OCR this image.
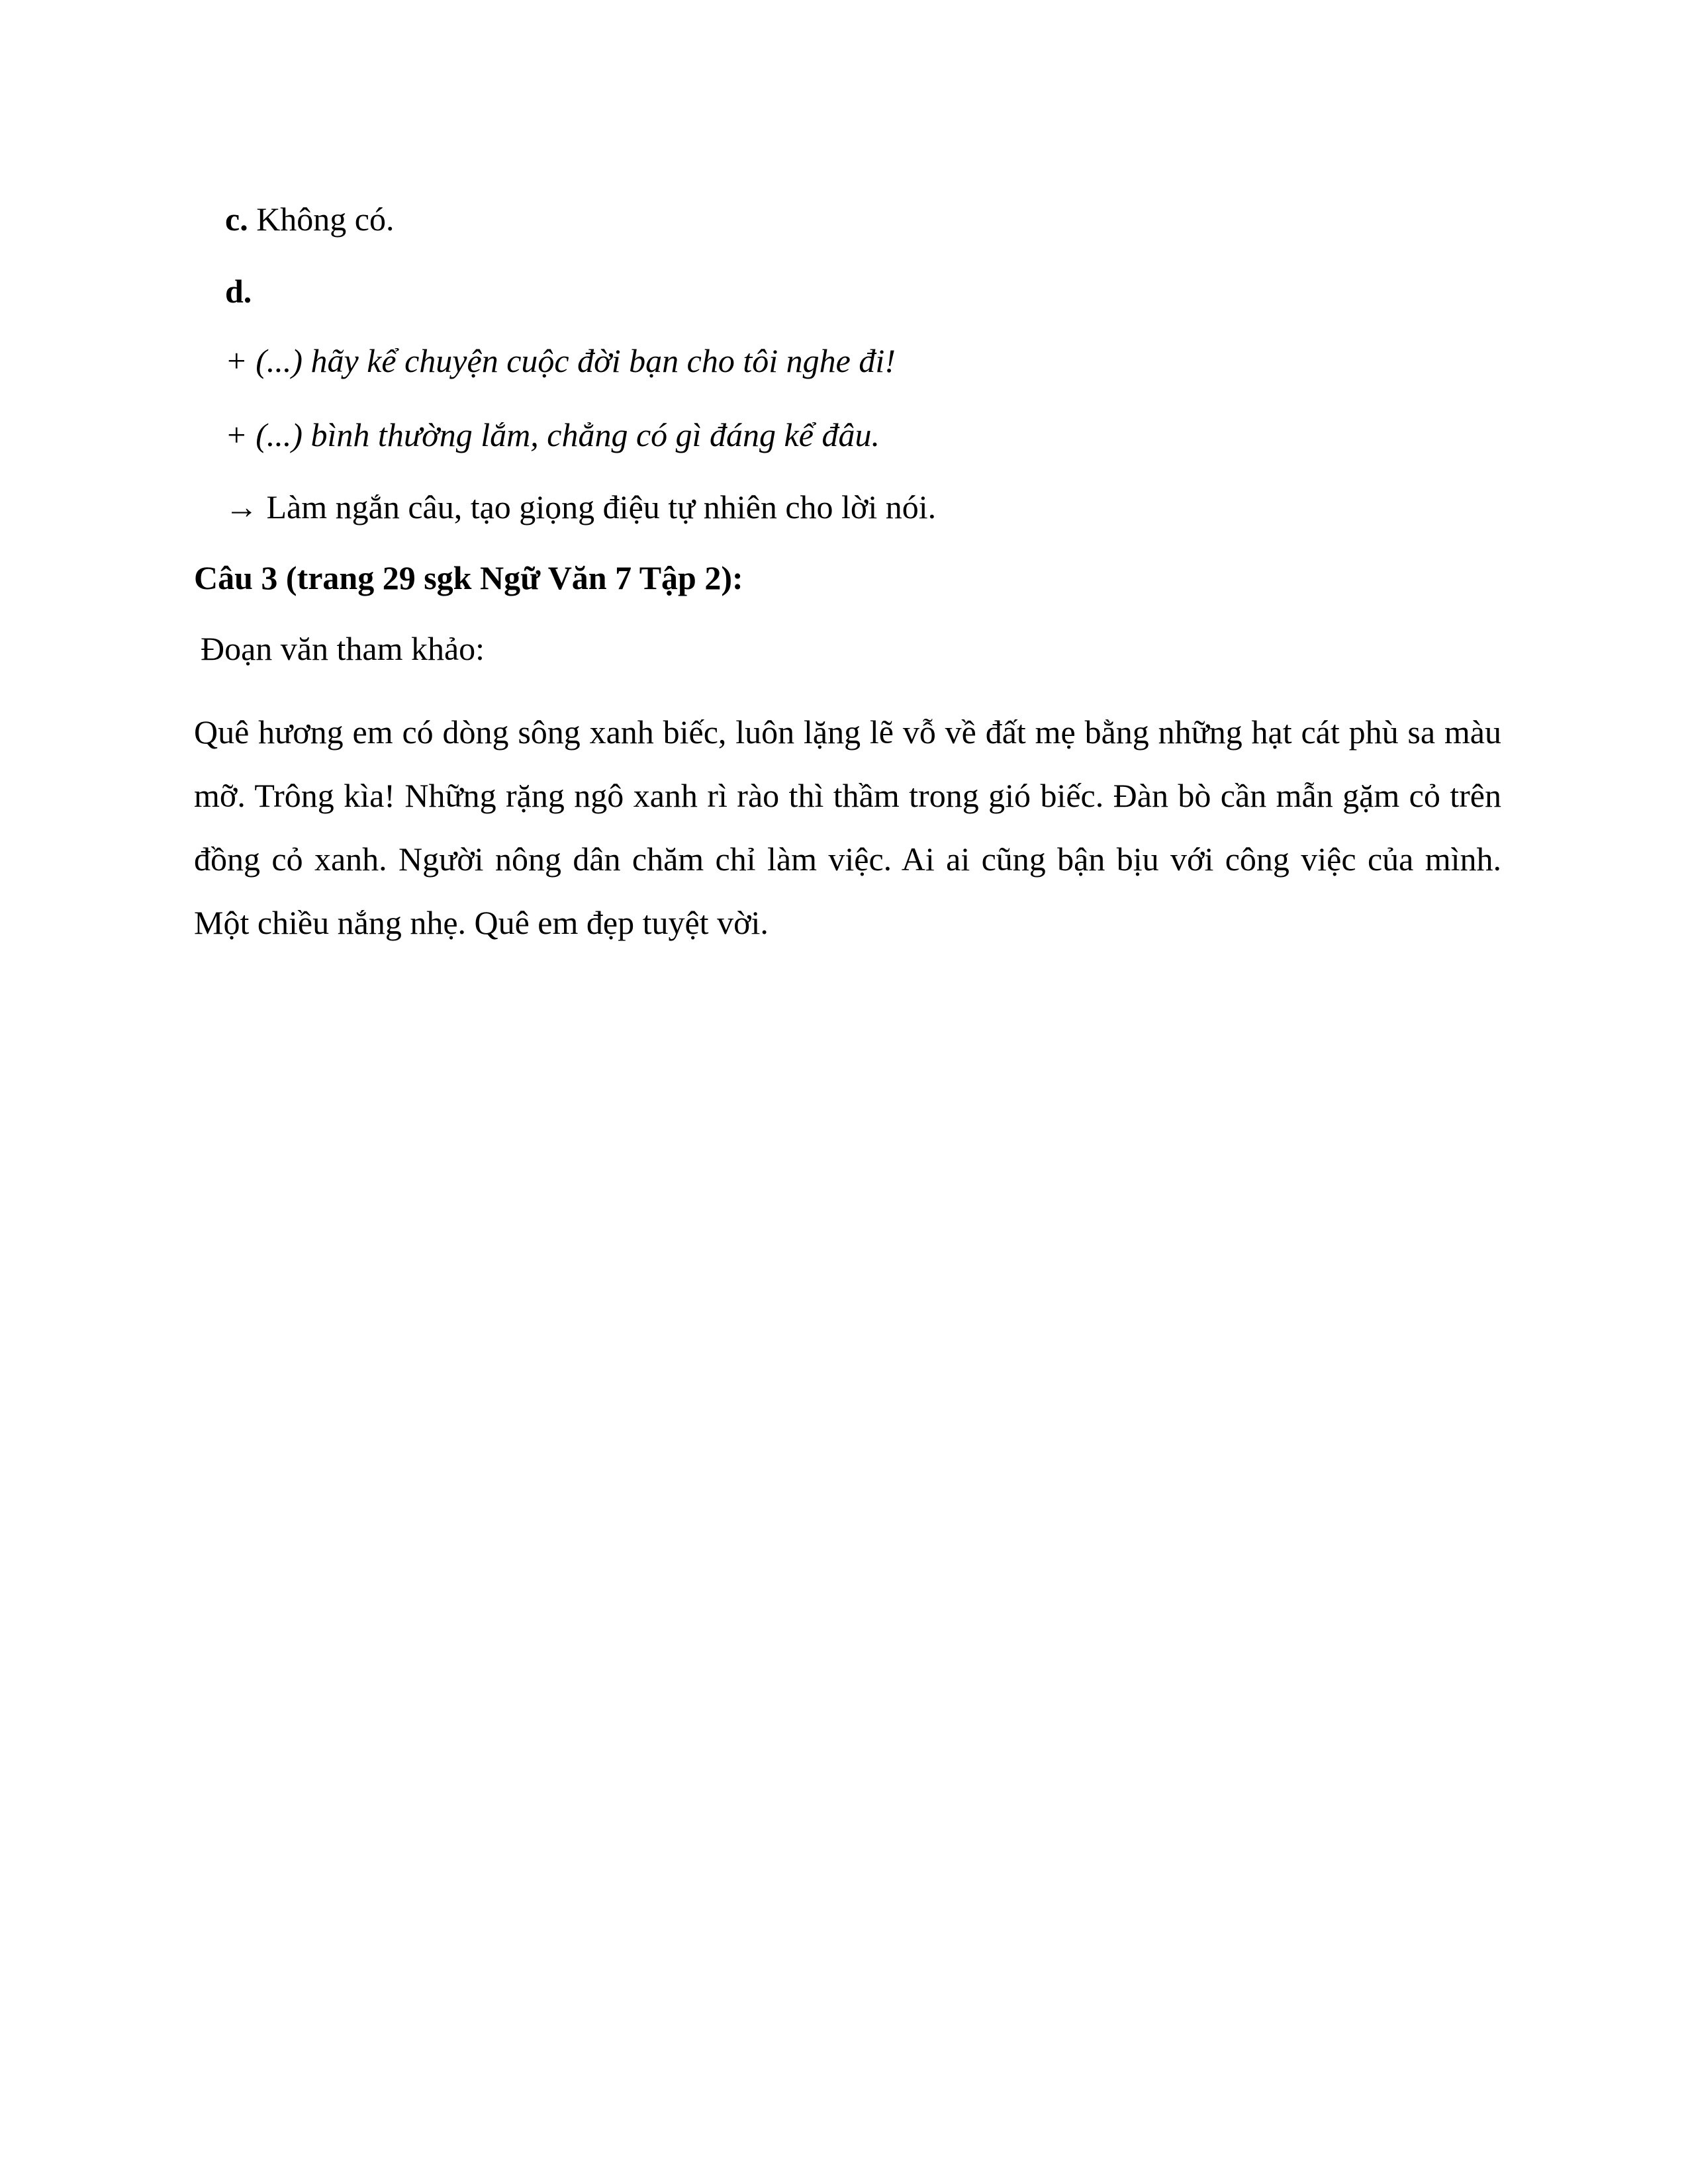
c. Không có.
d.
+ (...) hãy kể chuyện cuộc đời bạn cho tôi nghe đi!
+ (...) bình thường lắm, chẳng có gì đáng kể đâu.
→ Làm ngắn câu, tạo giọng điệu tự nhiên cho lời nói.
Câu 3 (trang 29 sgk Ngữ Văn 7 Tập 2):
Đoạn văn tham khảo:
Quê hương em có dòng sông xanh biếc, luôn lặng lẽ vỗ về đất mẹ bằng những hạt cát phù sa màu mỡ. Trông kìa! Những rặng ngô xanh rì rào thì thầm trong gió biếc. Đàn bò cần mẫn gặm cỏ trên đồng cỏ xanh. Người nông dân chăm chỉ làm việc. Ai ai cũng bận bịu với công việc của mình. Một chiều nắng nhẹ. Quê em đẹp tuyệt vời.
